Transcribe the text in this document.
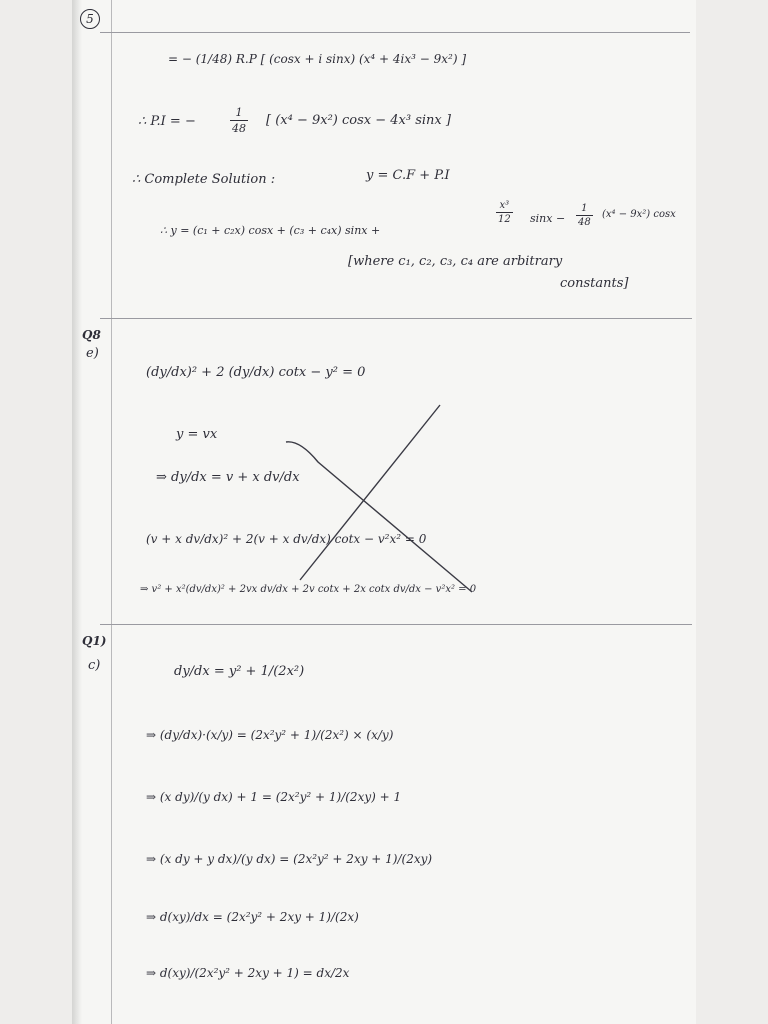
5
= − (1/48) R.P [ (cosx + i sinx) (x⁴ + 4ix³ − 9x²) ]
∴ P.I = −	$\frac{1}{48}$ [ (x⁴ − 9x²) cosx − 4x³ sinx ]
∴ Complete Solution :	y = C.F + P.I
∴ y = (c₁ + c₂x) cosx + (c₃ + c₄x) sinx +
$\frac{\text{x³}}{12}$ $\sin x - \frac{1}{48} (x^4 - 9x^2)$ cosx
[where c₁, c₂, c₃, c₄ are arbitrary
constants]
Q8
e)
(dy/dx)² + 2 (dy/dx) cotx − y² = 0
y = vx
⇒ dy/dx = v + x dv/dx
(v + x dv/dx)² + 2(v + x dv/dx) cotx − v²x² = 0
⇒ v² + x²(dv/dx)² + 2vx dv/dx + 2v cotx + 2x cotx dv/dx − v²x² = 0
Q1)
c)	dy/dx = y² + 1/(2x²)
⇒ (dy/dx)·(x/y) = (2x²y² + 1)/(2x²) × (x/y)
⇒ (x dy)/(y dx) + 1 = (2x²y² + 1)/(2xy) + 1
⇒ (x dy + y dx)/(y dx) = (2x²y² + 2xy + 1)/(2xy)
⇒ d(xy)/dx = (2x²y² + 2xy + 1)/(2x)
⇒ d(xy)/(2x²y² + 2xy + 1) = dx/2x
